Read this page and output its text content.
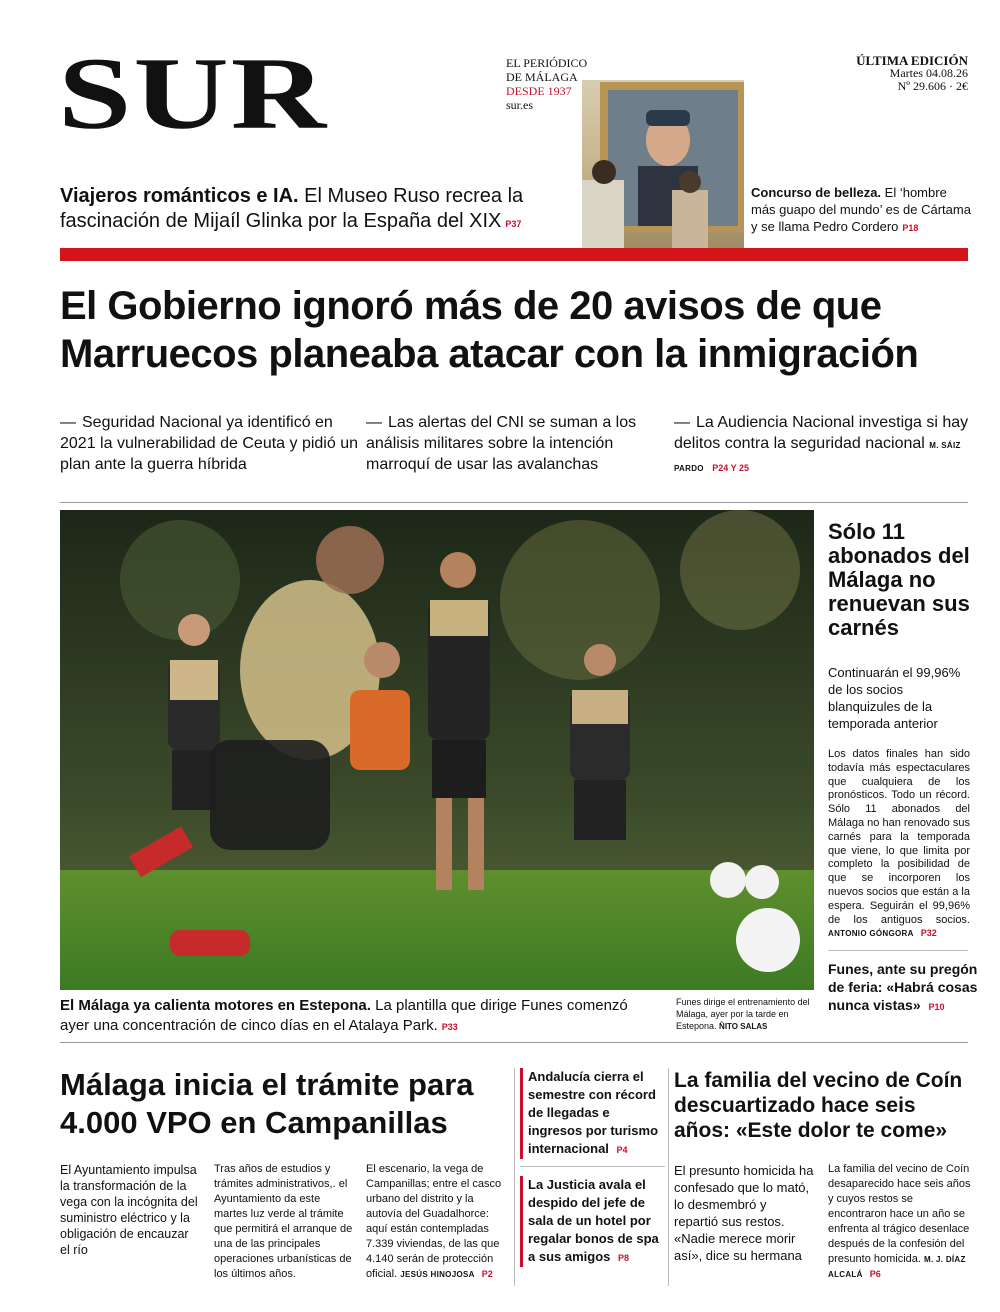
SUR	EL PERIÓDICO
DE MÁLAGA
DESDE 1937
sur.es
ÚLTIMA EDICIÓN
Martes 04.08.26
Nº 29.606 · 2€
Viajeros románticos e IA. El Museo Ruso recrea la fascinación de Mijaíl Glinka por la España del XIX P37
Concurso de belleza. El ‘hombre más guapo del mundo’ es de Cártama y se llama Pedro Cordero P18
El Gobierno ignoró más de 20 avisos de que Marruecos planeaba atacar con la inmigración
— Seguridad Nacional ya identificó en 2021 la vulnerabilidad de Ceuta y pidió un plan ante la guerra híbrida
— Las alertas del CNI se suman a los análisis militares sobre la intención marroquí de usar las avalanchas
— La Audiencia Nacional investiga si hay delitos contra la seguridad nacional M. SÁIZ PARDO P24 Y 25
El Málaga ya calienta motores en Estepona. La plantilla que dirige Funes comenzó ayer una concentración de cinco días en el Atalaya Park. P33
Funes dirige el entrenamiento del Málaga, ayer por la tarde en Estepona. ÑITO SALAS
Sólo 11 abonados del Málaga no renuevan sus carnés
Continuarán el 99,96% de los socios blanquizules de la temporada anterior
Los datos finales han sido todavía más espectaculares que cualquiera de los pronósticos. Todo un récord. Sólo 11 abonados del Málaga no han renovado sus carnés para la temporada que viene, lo que limita por completo la posibilidad de que se incorporen los nuevos socios que están a la espera. Seguirán el 99,96% de los antiguos socios. ANTONIO GÓNGORA P32
Funes, ante su pregón de feria: «Habrá cosas nunca vistas» P10
Málaga inicia el trámite para 4.000 VPO en Campanillas
El Ayuntamiento impulsa la transformación de la vega con la incógnita del suministro eléctrico y la obligación de encauzar el río
Tras años de estudios y trámites administrativos,. el Ayuntamiento da este martes luz verde al trámite que permitirá el arranque de una de las principales operaciones urbanísticas de los últimos años.
El escenario, la vega de Campanillas; entre el casco urbano del distrito y la autovía del Guadalhorce: aquí están contempladas 7.339 viviendas, de las que 4.140 serán de protección oficial. JESÚS HINOJOSA P2
Andalucía cierra el semestre con récord de llegadas e ingresos por turismo internacional P4
La Justicia avala el despido del jefe de sala de un hotel por regalar bonos de spa a sus amigos P8
La familia del vecino de Coín descuartizado hace seis años: «Este dolor te come»
El presunto homicida ha confesado que lo mató, lo desmembró y repartió sus restos. «Nadie merece morir así», dice su hermana
La familia del vecino de Coín desaparecido hace seis años y cuyos restos se encontraron hace un año se enfrenta al trágico desenlace después de la confesión del presunto homicida. M. J. DÍAZ ALCALÁ P6
